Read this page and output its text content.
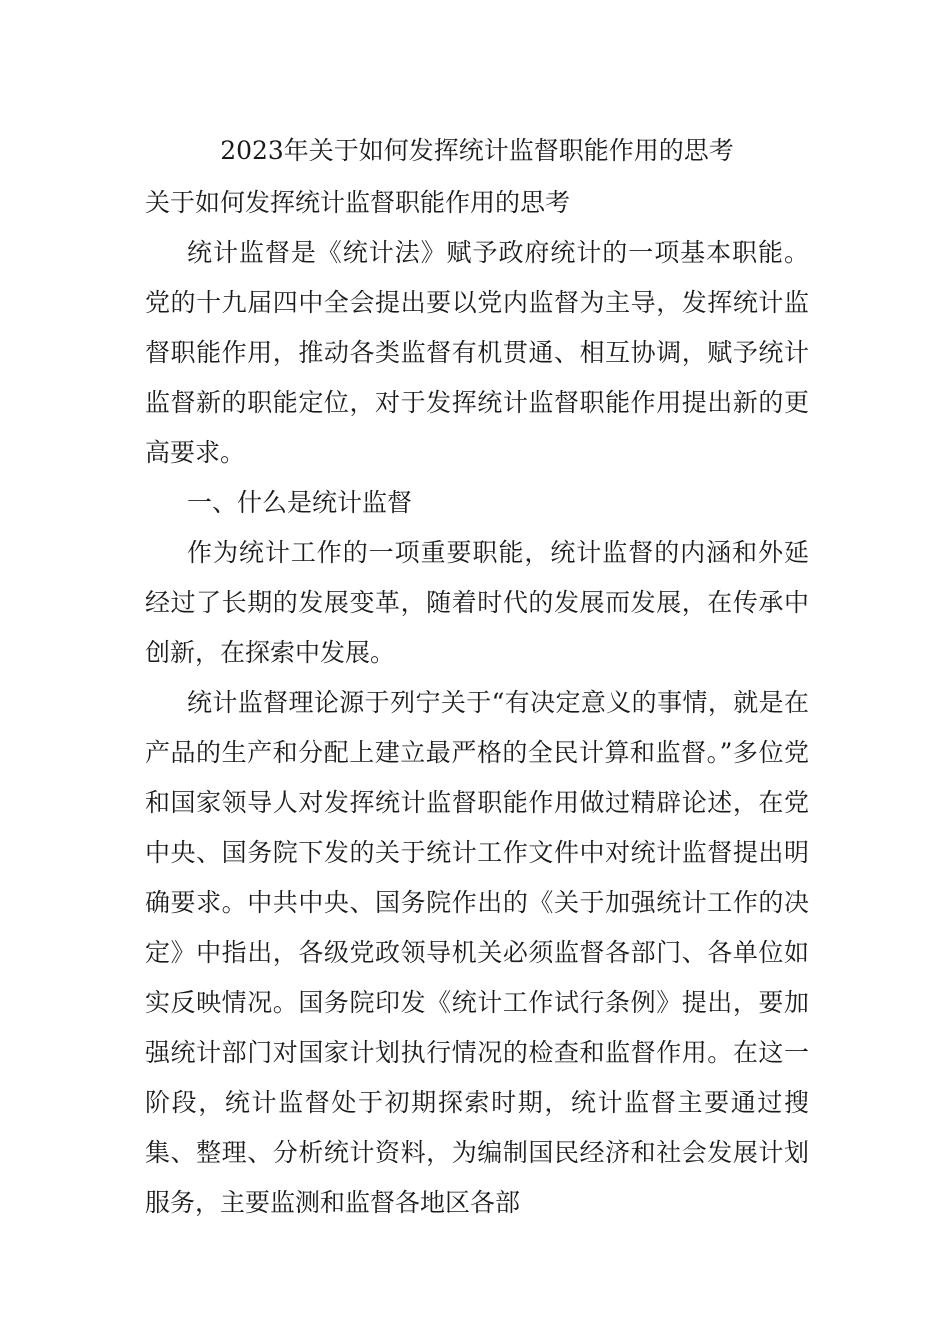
2023年关于如何发挥统计监督职能作用的思考
关于如何发挥统计监督职能作用的思考

统计监督是《统计法》赋予政府统计的一项基本职能。党的十九届四中全会提出要以党内监督为主导，发挥统计监督职能作用，推动各类监督有机贯通、相互协调，赋予统计监督新的职能定位，对于发挥统计监督职能作用提出新的更高要求。

一、什么是统计监督

作为统计工作的一项重要职能，统计监督的内涵和外延经过了长期的发展变革，随着时代的发展而发展，在传承中创新，在探索中发展。

统计监督理论源于列宁关于“有决定意义的事情，就是在产品的生产和分配上建立最严格的全民计算和监督。”多位党和国家领导人对发挥统计监督职能作用做过精辟论述，在党中央、国务院下发的关于统计工作文件中对统计监督提出明确要求。中共中央、国务院作出的《关于加强统计工作的决定》中指出，各级党政领导机关必须监督各部门、各单位如实反映情况。国务院印发《统计工作试行条例》提出，要加强统计部门对国家计划执行情况的检查和监督作用。在这一阶段，统计监督处于初期探索时期，统计监督主要通过搜集、整理、分析统计资料，为编制国民经济和社会发展计划服务，主要监测和监督各地区各部
